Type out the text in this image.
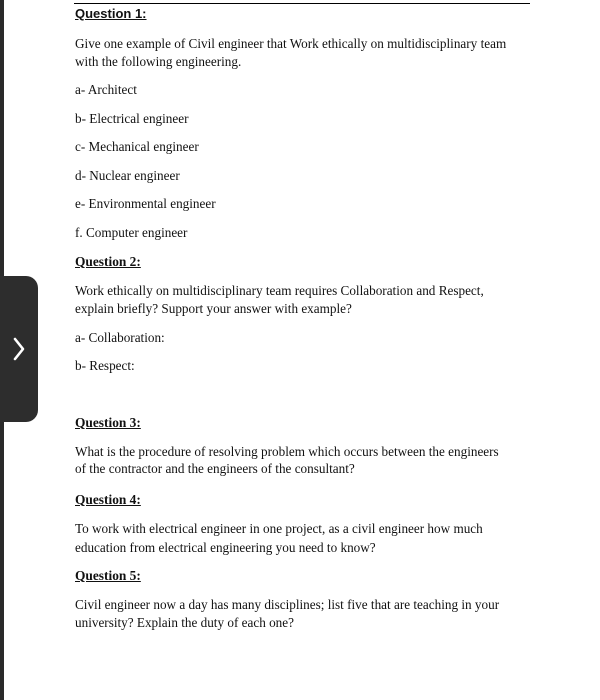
Question 1:
Give one example of Civil engineer that Work ethically on multidisciplinary team
with the following engineering.
a- Architect
b- Electrical engineer
c- Mechanical engineer
d- Nuclear engineer
e- Environmental engineer
f. Computer engineer
Question 2:
Work ethically on multidisciplinary team requires Collaboration and Respect,
explain briefly? Support your answer with example?
a- Collaboration:
b- Respect:
Question 3:
What is the procedure of resolving problem which occurs between the engineers
of the contractor and the engineers of the consultant?
Question 4:
To work with electrical engineer in one project, as a civil engineer how much
education from electrical engineering you need to know?
Question 5:
Civil engineer now a day has many disciplines; list five that are teaching in your
university? Explain the duty of each one?
